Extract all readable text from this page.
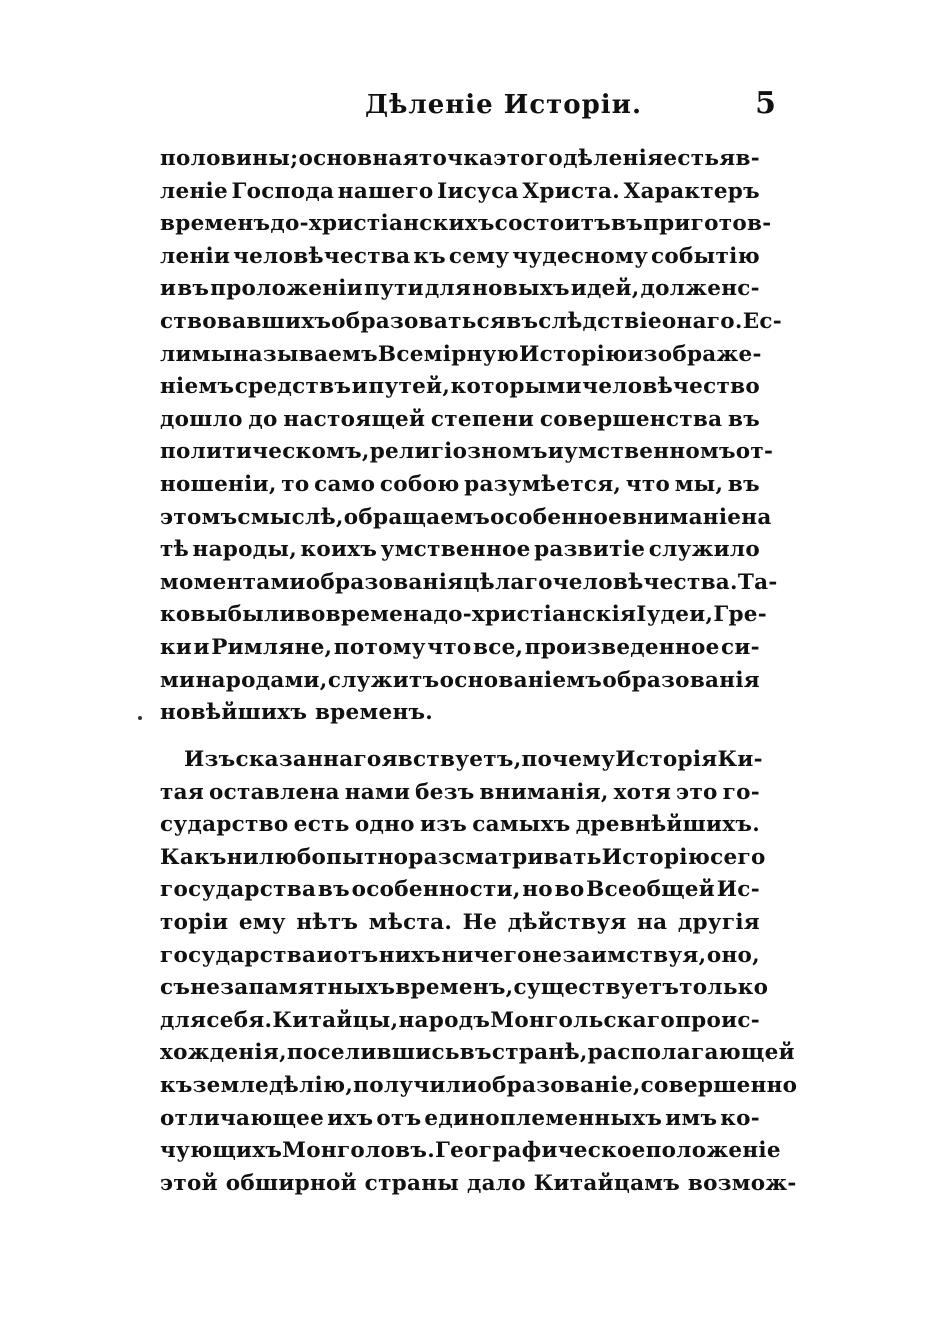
Дѣленіе Исторіи.	5
половины; основная точка этого дѣленія есть яв-
леніе Господа нашего Іисуса Христа. Характеръ
временъ до-христіанскихъ состоитъ въ приготов-
леніи человѣчества къ сему чудесному событію
и въ проложеніи пути для новыхъ идей, долженс-
ствовавшихъ образоваться въ слѣдствіе онаго. Ес-
ли мы называемъ Всемірную Исторію изображе-
ніемъ средствъ и путей, которыми человѣчество
дошло до настоящей степени совершенства въ
политическомъ, религіозномъ и умственномъ от-
ношеніи, то само собою разумѣется, что мы, въ
этомъ смыслѣ, обращаемъ особенное вниманіе на
тѣ народы, коихъ умственное развитіе служило
моментами образованія цѣлаго человѣчества. Та-
ковы были во времена до-христіанскія Іудеи, Гре-
ки и Римляне, потому что все, произведенное си-
ми народами, служитъ основаніемъ образованія
новѣйшихъ временъ.
Изъ сказаннаго явствуетъ, почему Исторія Ки-
тая оставлена нами безъ вниманія, хотя это го-
сударство есть одно изъ самыхъ древнѣйшихъ.
Какъ ни любопытно разсматривать Исторію сего
государства въ особенности, но во Всеобщей Ис-
торіи ему нѣтъ мѣста. Не дѣйствуя на другія
государства и отъ нихъ ничего не заимствуя, оно,
съ незапамятныхъ временъ, существуетъ только
для себя. Китайцы, народъ Монгольскаго проис-
хожденія, поселившись въ странѣ, располагающей
къ земледѣлію, получили образованіе, совершенно
отличающее ихъ отъ единоплеменныхъ имъ ко-
чующихъ Монголовъ. Географическое положеніе
этой обширной страны дало Китайцамъ возмож-
